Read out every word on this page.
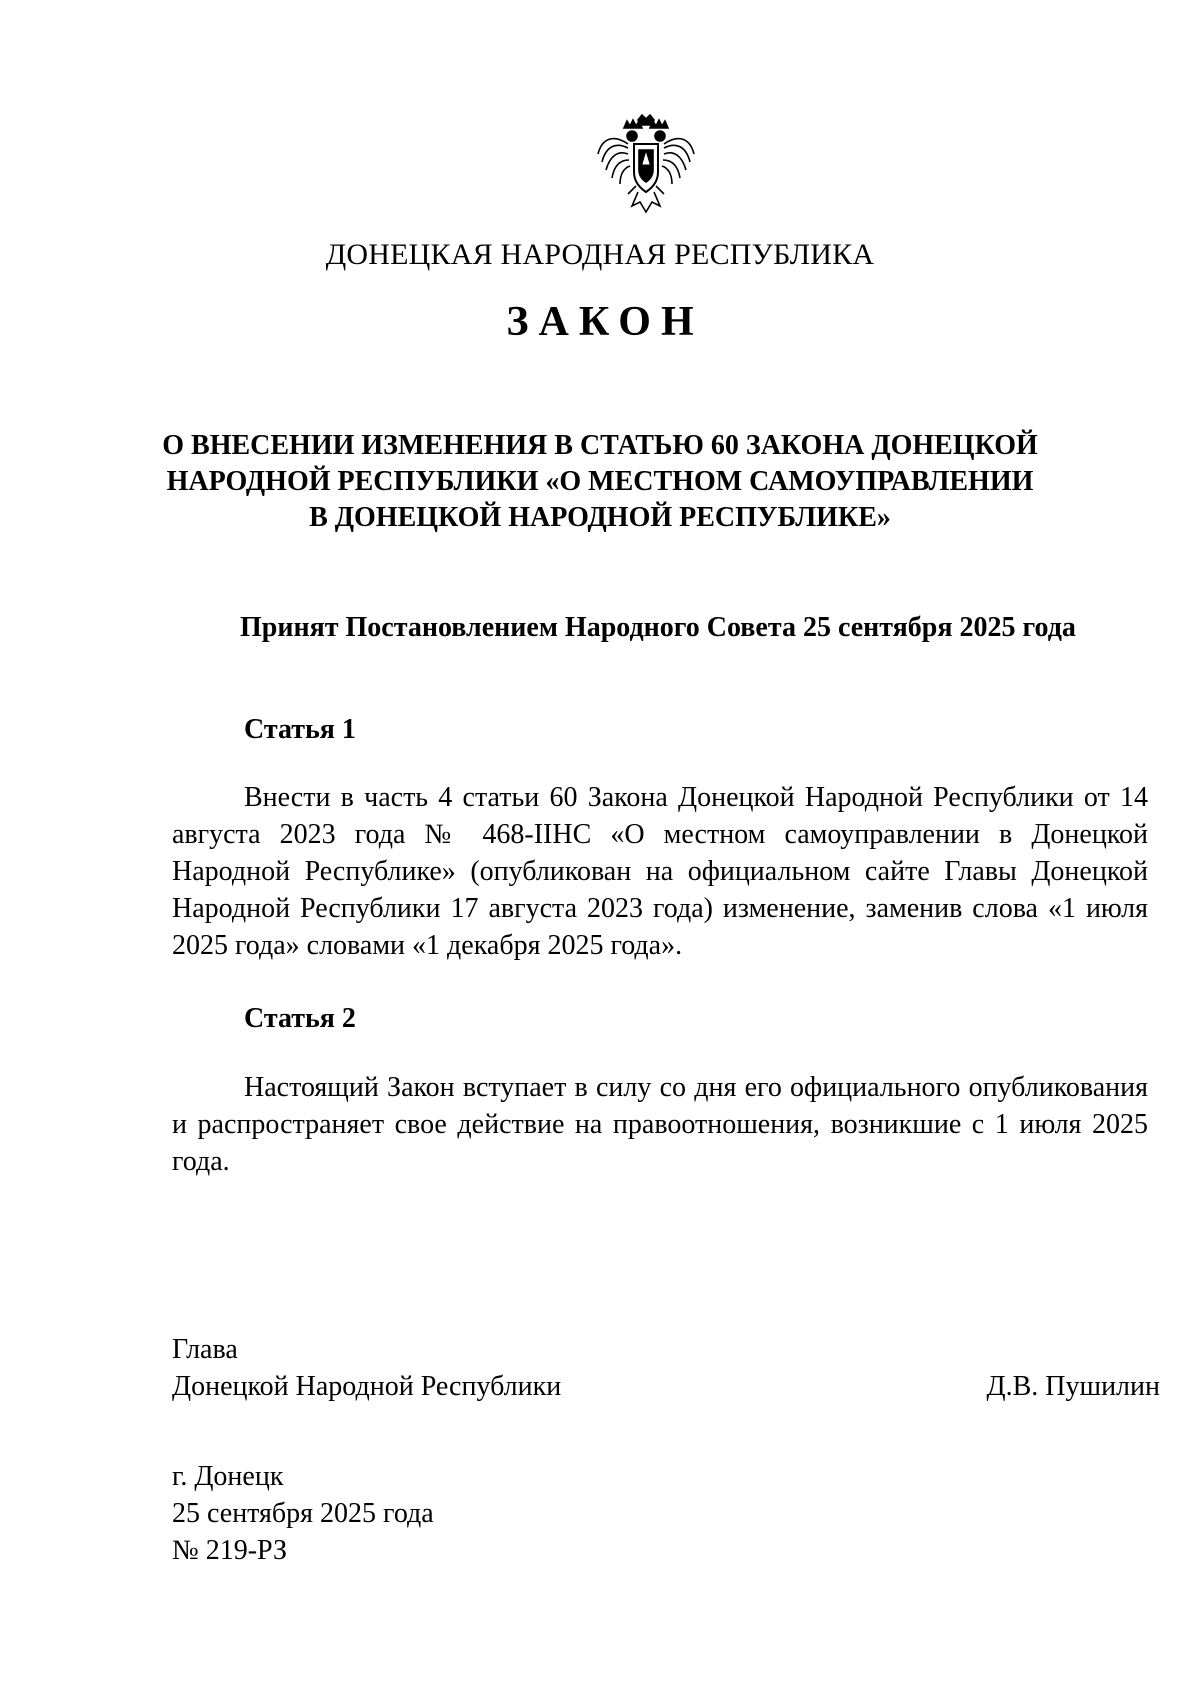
ДОНЕЦКАЯ НАРОДНАЯ РЕСПУБЛИКА
ЗАКОН
О ВНЕСЕНИИ ИЗМЕНЕНИЯ В СТАТЬЮ 60 ЗАКОНА ДОНЕЦКОЙ
НАРОДНОЙ РЕСПУБЛИКИ «О МЕСТНОМ САМОУПРАВЛЕНИИ
В ДОНЕЦКОЙ НАРОДНОЙ РЕСПУБЛИКЕ»
Принят Постановлением Народного Совета 25 сентября 2025 года
Статья 1

Внести в часть 4 статьи 60 Закона Донецкой Народной Республики от 14 августа 2023 года № 468-IIНС «О местном самоуправлении в Донецкой Народной Республике» (опубликован на официальном сайте Главы Донецкой Народной Республики 17 августа 2023 года) изменение, заменив слова «1 июля 2025 года» словами «1 декабря 2025 года».

Статья 2

Настоящий Закон вступает в силу со дня его официального опубликования и распространяет свое действие на правоотношения, возникшие с 1 июля 2025 года.

Глава
Донецкой Народной Республики	Д.В. Пушилин
г. Донецк
25 сентября 2025 года
№ 219-РЗ
